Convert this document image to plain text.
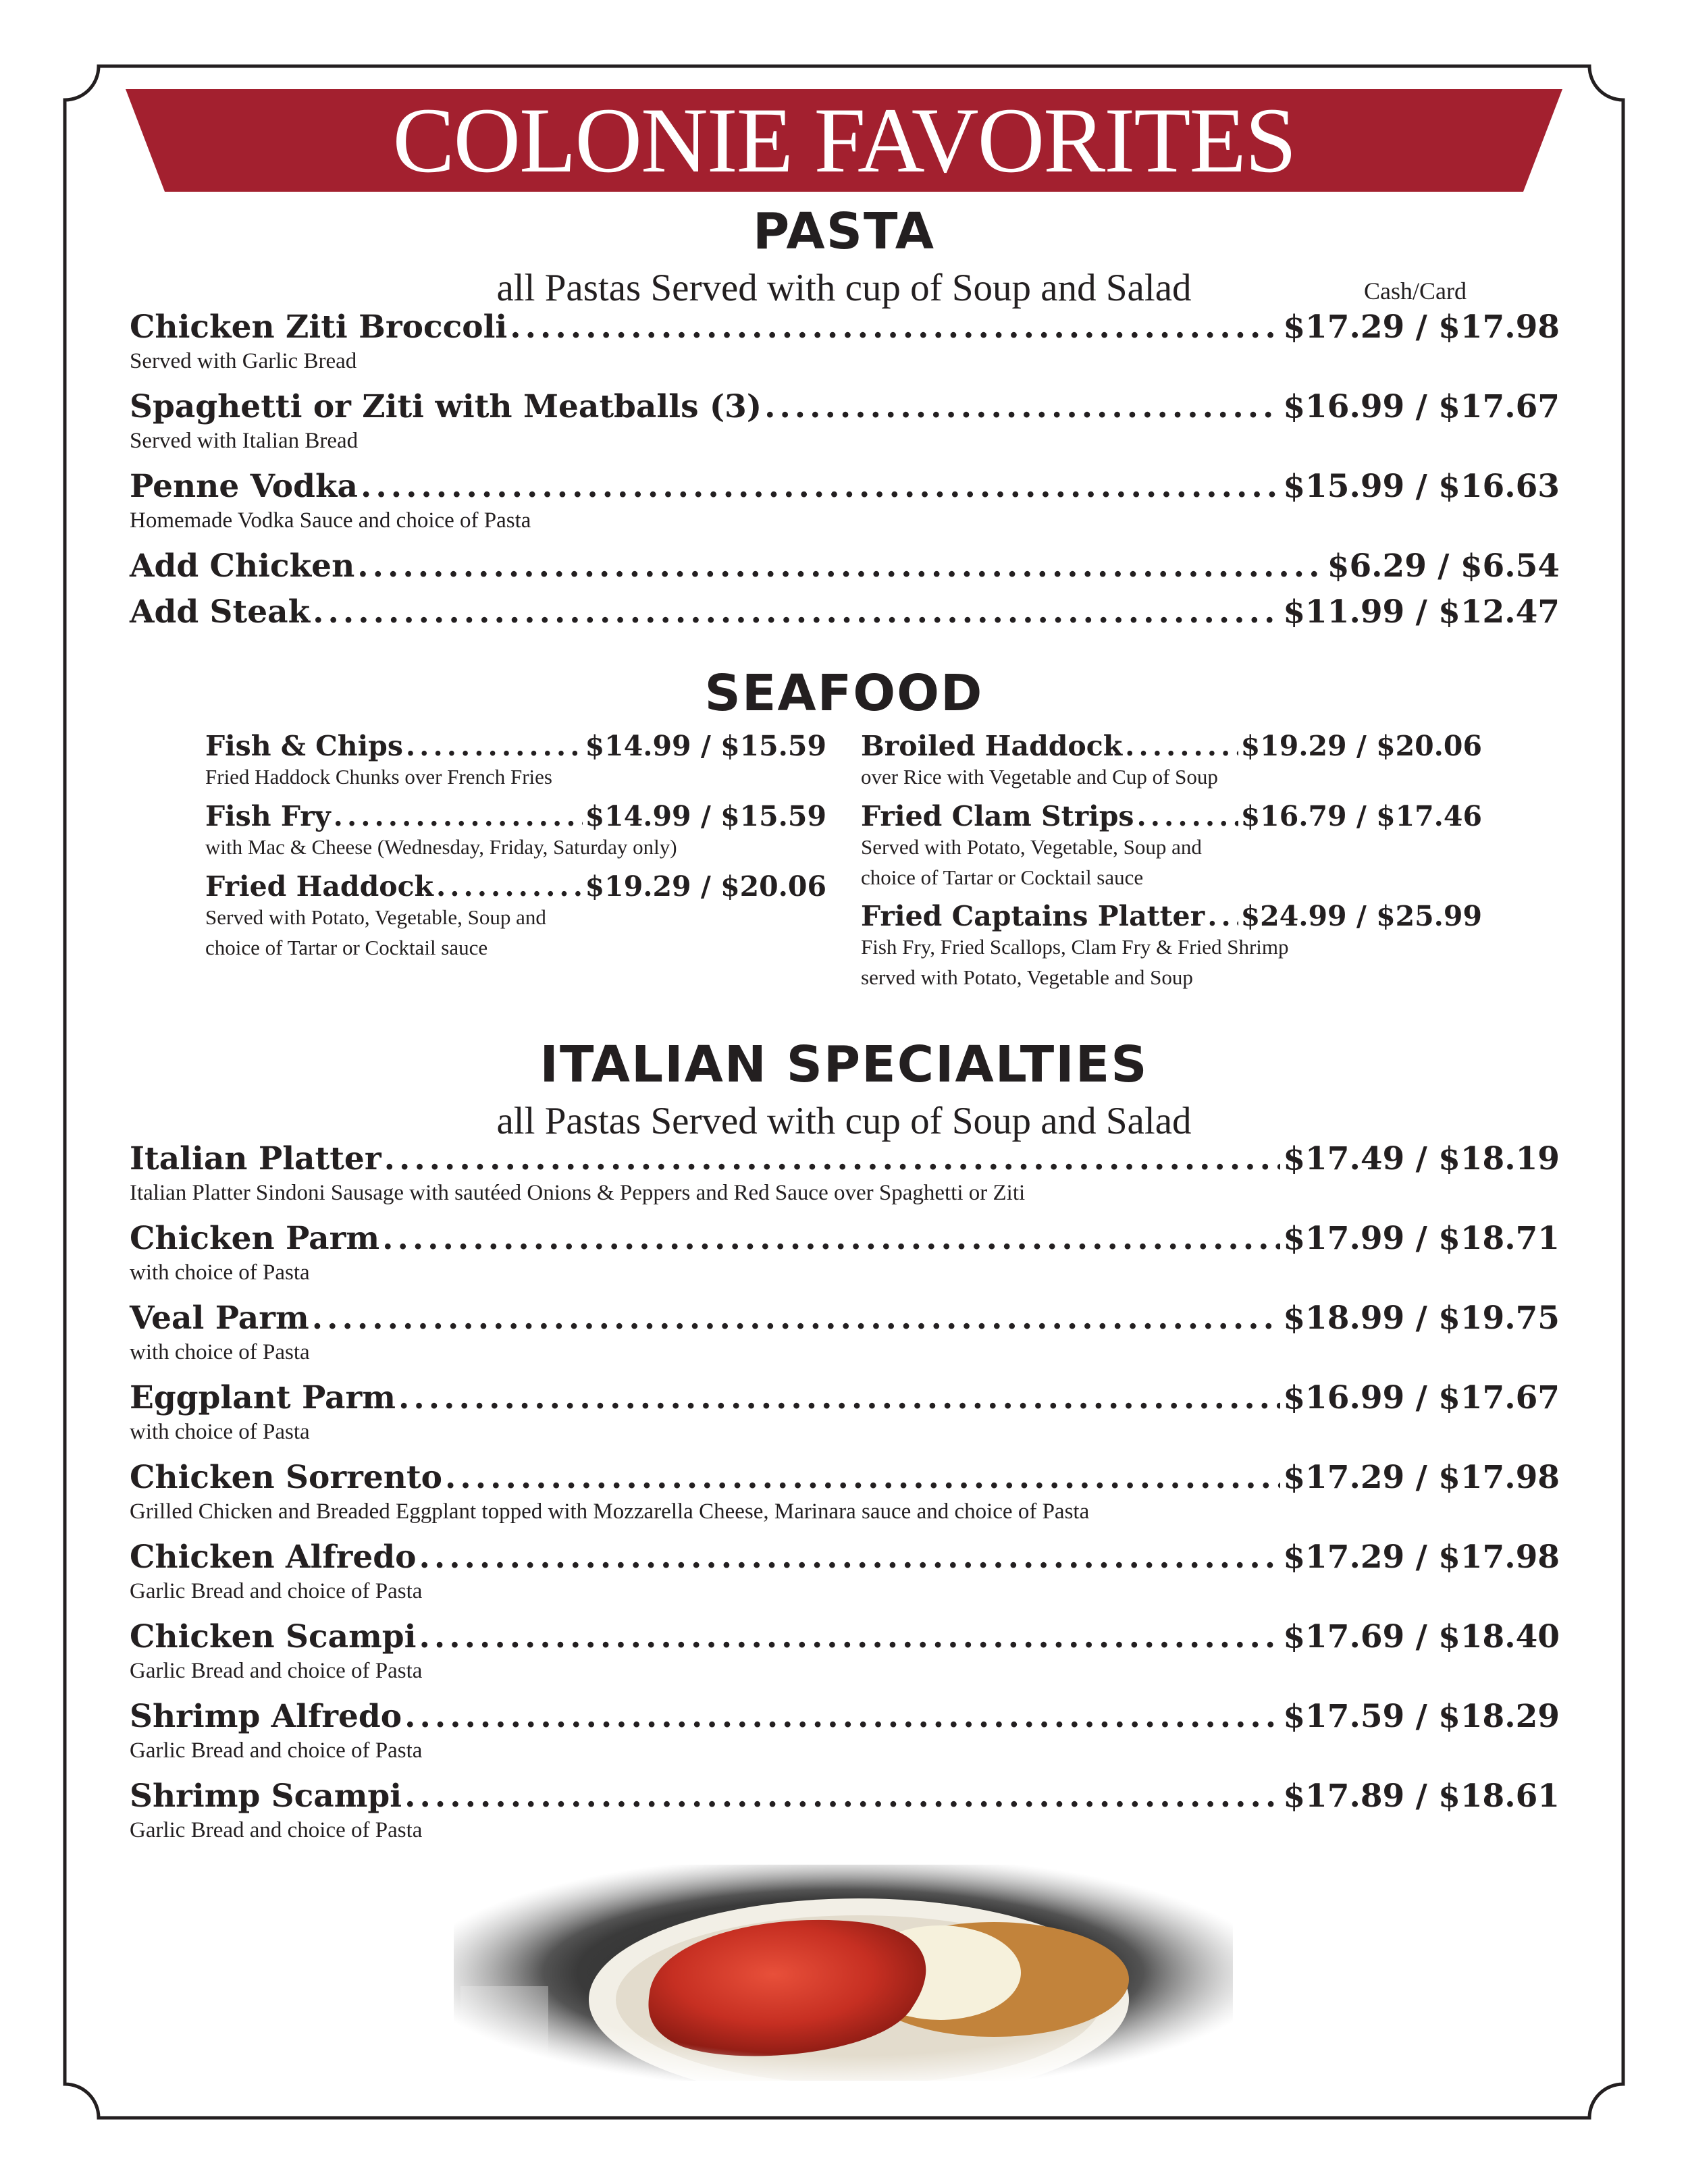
COLONIE FAVORITES
PASTA
all Pastas Served with cup of Soup and Salad	Cash/Card
Chicken Ziti Broccoli .....	$17.29 / $17.98
Served with Garlic Bread
Spaghetti or Ziti with Meatballs (3) .....	$16.99 / $17.67
Served with Italian Bread
Penne Vodka .....	$15.99 / $16.63
Homemade Vodka Sauce and choice of Pasta
Add Chicken .....	$6.29 / $6.54
Add Steak .....	$11.99 / $12.47
SEAFOOD
Fish & Chips .....	$14.99 / $15.59
Fried Haddock Chunks over French Fries
Fish Fry .....	$14.99 / $15.59
with Mac & Cheese (Wednesday, Friday, Saturday only)
Fried Haddock .....	$19.29 / $20.06
Served with Potato, Vegetable, Soup and
choice of Tartar or Cocktail sauce
Broiled Haddock .....	$19.29 / $20.06
over Rice with Vegetable and Cup of Soup
Fried Clam Strips .....	$16.79 / $17.46
Served with Potato, Vegetable, Soup and
choice of Tartar or Cocktail sauce
Fried Captains Platter ..... $24.99 / $25.99
Fish Fry, Fried Scallops, Clam Fry & Fried Shrimp
served with Potato, Vegetable and Soup
ITALIAN SPECIALTIES
all Pastas Served with cup of Soup and Salad
Italian Platter .....	$17.49 / $18.19
Italian Platter Sindoni Sausage with sautéed Onions & Peppers and Red Sauce over Spaghetti or Ziti
Chicken Parm .....	$17.99 / $18.71
with choice of Pasta
Veal Parm .....	$18.99 / $19.75
with choice of Pasta
Eggplant Parm .....	$16.99 / $17.67
with choice of Pasta
Chicken Sorrento .....	$17.29 / $17.98
Grilled Chicken and Breaded Eggplant topped with Mozzarella Cheese, Marinara sauce and choice of Pasta
Chicken Alfredo .....	$17.29 / $17.98
Garlic Bread and choice of Pasta
Chicken Scampi .....	$17.69 / $18.40
Garlic Bread and choice of Pasta
Shrimp Alfredo .....	$17.59 / $18.29
Garlic Bread and choice of Pasta
Shrimp Scampi .....	$17.89 / $18.61
Garlic Bread and choice of Pasta
